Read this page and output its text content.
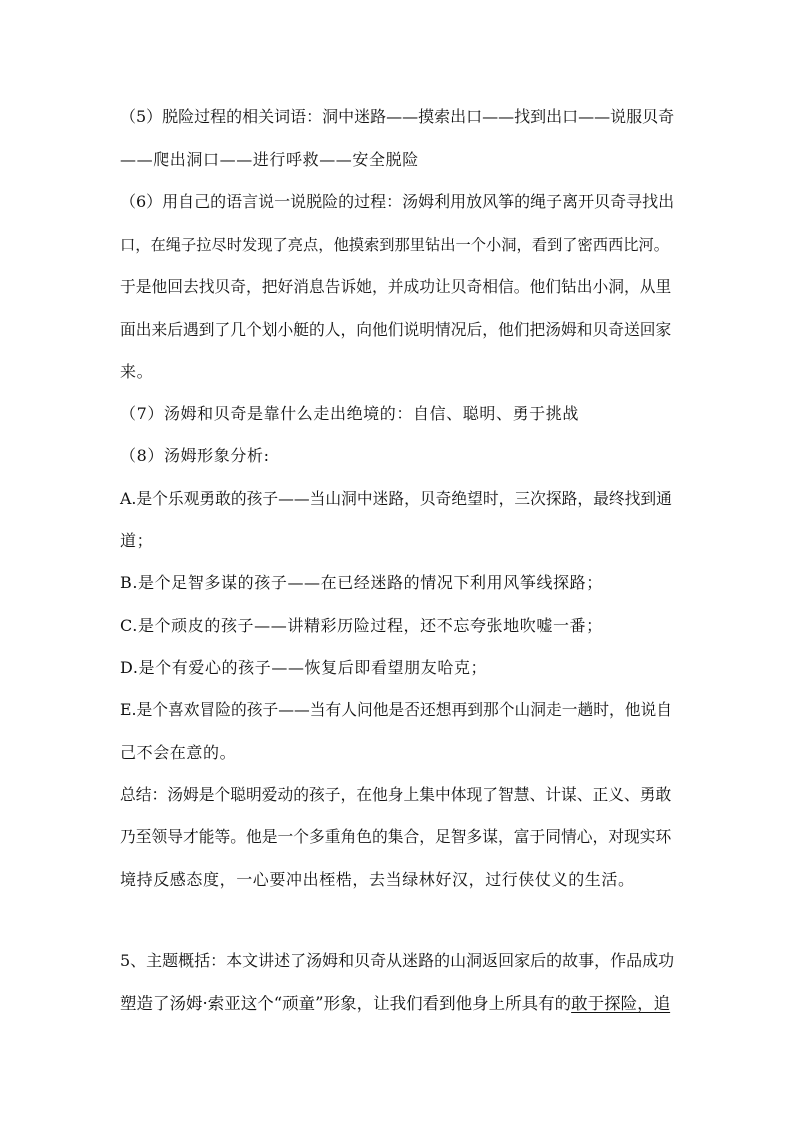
（5）脱险过程的相关词语：洞中迷路——摸索出口——找到出口——说服贝奇
——爬出洞口——进行呼救——安全脱险
（6）用自己的语言说一说脱险的过程：汤姆利用放风筝的绳子离开贝奇寻找出
口，在绳子拉尽时发现了亮点，他摸索到那里钻出一个小洞，看到了密西西比河。
于是他回去找贝奇，把好消息告诉她，并成功让贝奇相信。他们钻出小洞，从里
面出来后遇到了几个划小艇的人，向他们说明情况后，他们把汤姆和贝奇送回家
来。
（7）汤姆和贝奇是靠什么走出绝境的：自信、聪明、勇于挑战
（8）汤姆形象分析:
A.是个乐观勇敢的孩子——当山洞中迷路，贝奇绝望时，三次探路，最终找到通
道；
B.是个足智多谋的孩子——在已经迷路的情况下利用风筝线探路；
C.是个顽皮的孩子——讲精彩历险过程，还不忘夸张地吹嘘一番；
D.是个有爱心的孩子——恢复后即看望朋友哈克；
E.是个喜欢冒险的孩子——当有人问他是否还想再到那个山洞走一趟时，他说自
己不会在意的。
总结：汤姆是个聪明爱动的孩子，在他身上集中体现了智慧、计谋、正义、勇敢
乃至领导才能等。他是一个多重角色的集合，足智多谋，富于同情心，对现实环
境持反感态度，一心要冲出桎梏，去当绿林好汉，过行侠仗义的生活。
5、主题概括：本文讲述了汤姆和贝奇从迷路的山洞返回家后的故事，作品成功
塑造了汤姆·索亚这个“顽童”形象，让我们看到他身上所具有的敢于探险，追
